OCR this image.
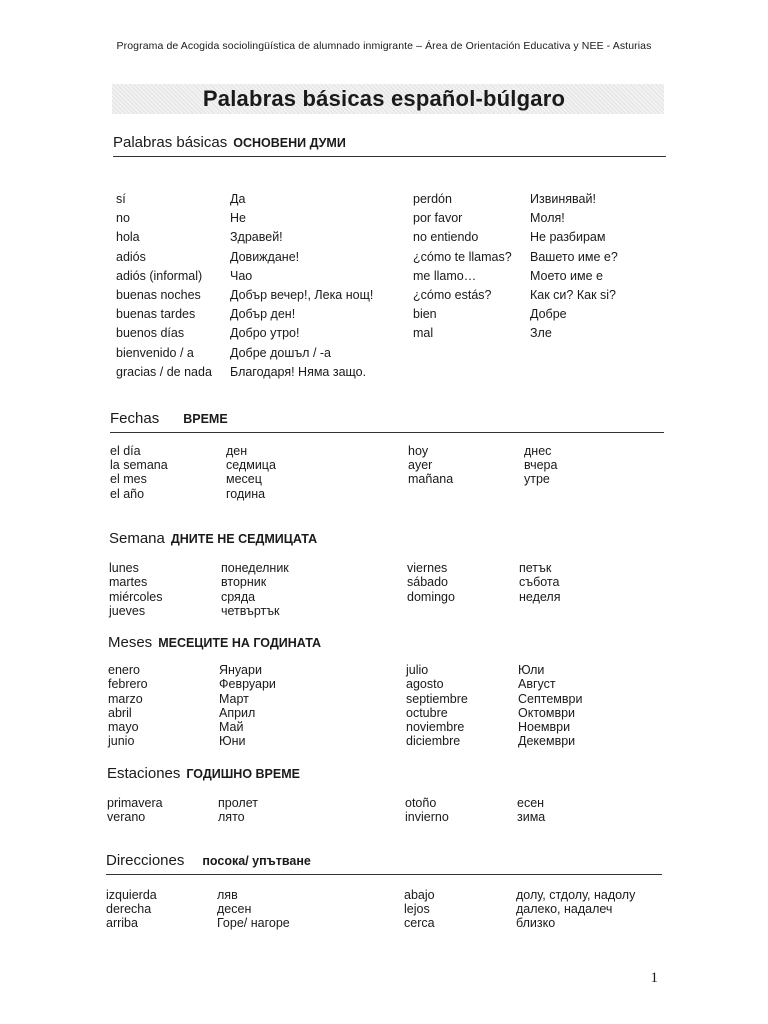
Programa de Acogida sociolingüística de alumnado inmigrante – Área de Orientación Educativa y NEE - Asturias
Palabras básicas español-búlgaro
Palabras básicas ОСНОВЕНИ ДУМИ
sí
no
hola
adiós
adiós (informal)
buenas noches
buenas tardes
buenos días
bienvenido / a
gracias / de nada
Да
Не
Здравей!
Довиждане!
Чао
Добър вечер!, Лека нощ!
Добър ден!
Добро утро!
Добре дошъл / -а
Благодаря! Няма защо.
perdón
por favor
no entiendo
¿cómo te llamas?
me llamo…
¿cómo estás?
bien
mal
Извинявай!
Моля!
Не разбирам
Вашето име е?
Моето име е
Как си? Как si?
Добре
Зле
Fechas ВРЕМЕ
el día
la semana
el mes
el año
ден
седмица
месец
година
hoy
ayer
mañana
днес
вчера
утре
Semana ДНИТЕ НЕ СЕДМИЦАТА
lunes
martes
miércoles
jueves
понеделник
вторник
сряда
четвъртък
viernes
sábado
domingo
петък
събота
неделя
Meses МЕСЕЦИТЕ НА ГОДИНАТА
enero
febrero
marzo
abril
mayo
junio
Януари
Февруари
Март
Април
Май
Юни
julio
agosto
septiembre
octubre
noviembre
diciembre
Юли
Август
Септември
Октомври
Ноември
Декември
Estaciones ГОДИШНО ВРЕМЕ
primavera
verano
пролет
лято
otoño
invierno
есен
зима
Direcciones посока/ упътване
izquierda
derecha
arriba
ляв
десен
Горе/ нагоре
abajo
lejos
cerca
долу, стдолу, надолу
далеко, надалеч
близко
1
